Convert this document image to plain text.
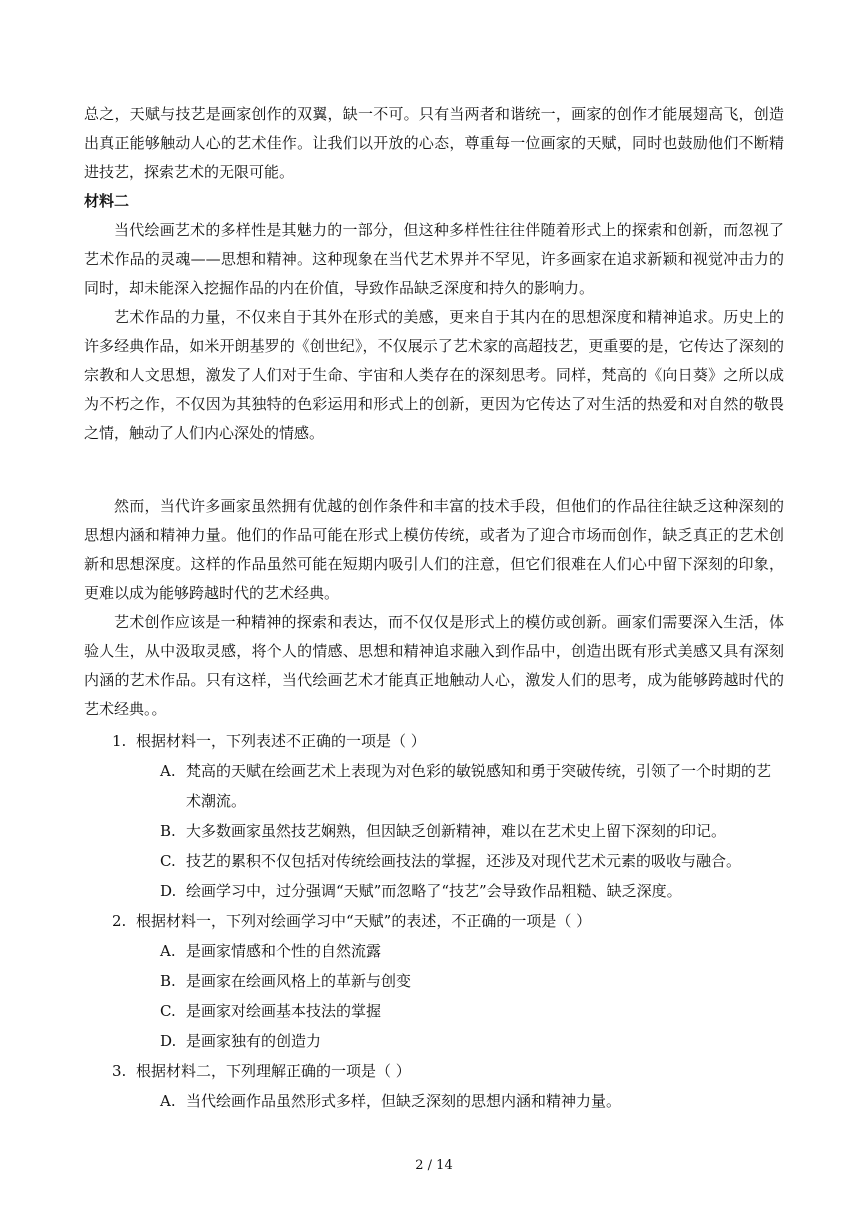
总之，天赋与技艺是画家创作的双翼，缺一不可。只有当两者和谐统一，画家的创作才能展翅高飞，创造出真正能够触动人心的艺术佳作。让我们以开放的心态，尊重每一位画家的天赋，同时也鼓励他们不断精进技艺，探索艺术的无限可能。

材料二

当代绘画艺术的多样性是其魅力的一部分，但这种多样性往往伴随着形式上的探索和创新，而忽视了艺术作品的灵魂——思想和精神。这种现象在当代艺术界并不罕见，许多画家在追求新颖和视觉冲击力的同时，却未能深入挖掘作品的内在价值，导致作品缺乏深度和持久的影响力。

艺术作品的力量，不仅来自于其外在形式的美感，更来自于其内在的思想深度和精神追求。历史上的许多经典作品，如米开朗基罗的《创世纪》，不仅展示了艺术家的高超技艺，更重要的是，它传达了深刻的宗教和人文思想，激发了人们对于生命、宇宙和人类存在的深刻思考。同样，梵高的《向日葵》之所以成为不朽之作，不仅因为其独特的色彩运用和形式上的创新，更因为它传达了对生活的热爱和对自然的敬畏之情，触动了人们内心深处的情感。

然而，当代许多画家虽然拥有优越的创作条件和丰富的技术手段，但他们的作品往往缺乏这种深刻的思想内涵和精神力量。他们的作品可能在形式上模仿传统，或者为了迎合市场而创作，缺乏真正的艺术创新和思想深度。这样的作品虽然可能在短期内吸引人们的注意，但它们很难在人们心中留下深刻的印象，更难以成为能够跨越时代的艺术经典。

艺术创作应该是一种精神的探索和表达，而不仅仅是形式上的模仿或创新。画家们需要深入生活，体验人生，从中汲取灵感，将个人的情感、思想和精神追求融入到作品中，创造出既有形式美感又具有深刻内涵的艺术作品。只有这样，当代绘画艺术才能真正地触动人心，激发人们的思考，成为能够跨越时代的艺术经典。。

1. 根据材料一，下列表述不正确的一项是（ ）

A. 梵高的天赋在绘画艺术上表现为对色彩的敏锐感知和勇于突破传统，引领了一个时期的艺术潮流。

B. 大多数画家虽然技艺娴熟，但因缺乏创新精神，难以在艺术史上留下深刻的印记。

C. 技艺的累积不仅包括对传统绘画技法的掌握，还涉及对现代艺术元素的吸收与融合。

D. 绘画学习中，过分强调“天赋”而忽略了“技艺”会导致作品粗糙、缺乏深度。

2. 根据材料一，下列对绘画学习中“天赋”的表述，不正确的一项是（ ）

A. 是画家情感和个性的自然流露

B. 是画家在绘画风格上的革新与创变

C. 是画家对绘画基本技法的掌握

D. 是画家独有的创造力

3. 根据材料二，下列理解正确的一项是（ ）

A. 当代绘画作品虽然形式多样，但缺乏深刻的思想内涵和精神力量。

2 / 14
